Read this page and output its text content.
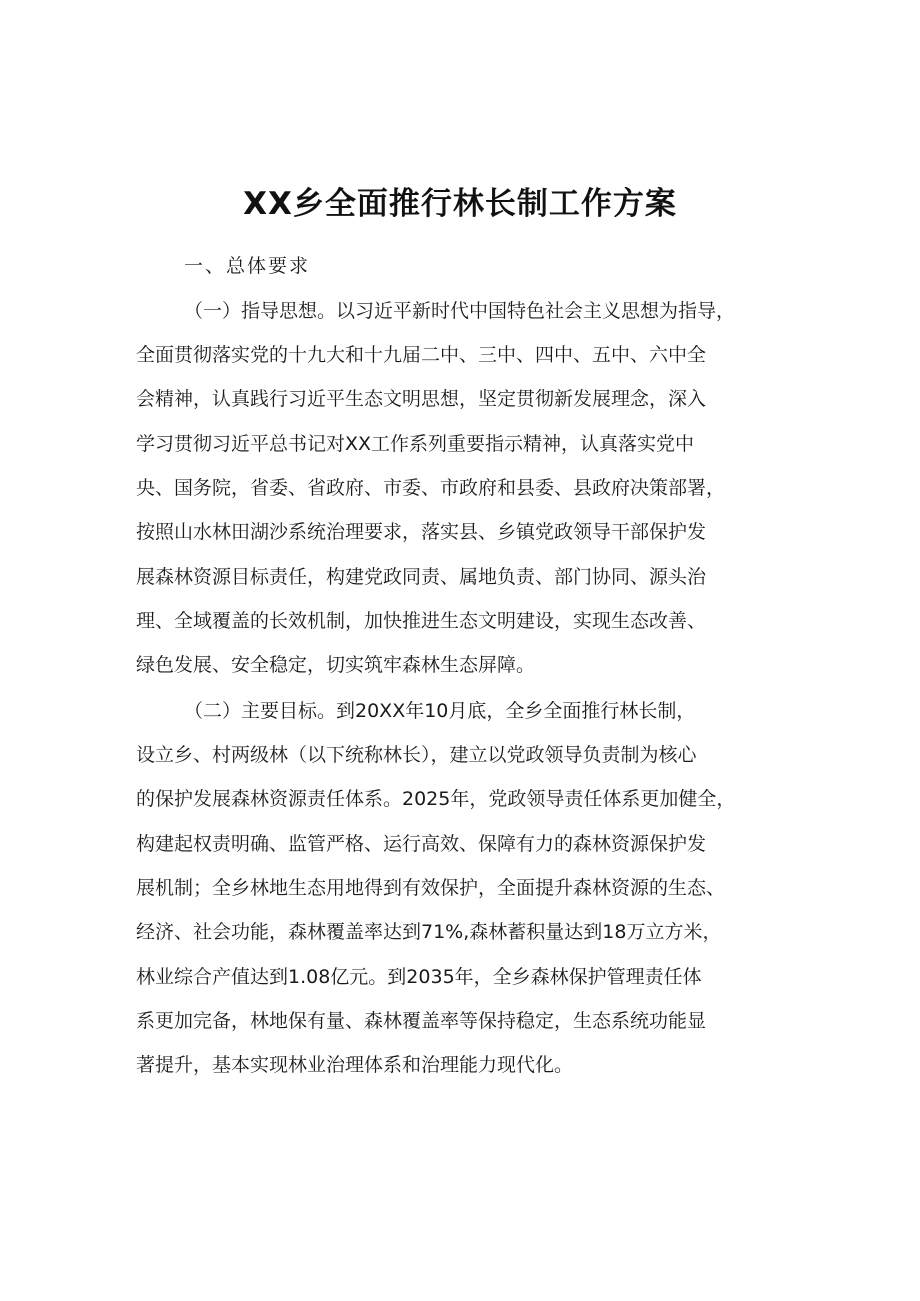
XX乡全面推行林长制工作方案

一、总体要求

（一）指导思想。以习近平新时代中国特色社会主义思想为指导，

全面贯彻落实党的十九大和十九届二中、三中、四中、五中、六中全

会精神，认真践行习近平生态文明思想，坚定贯彻新发展理念，深入

学习贯彻习近平总书记对XX工作系列重要指示精神，认真落实党中

央、国务院，省委、省政府、市委、市政府和县委、县政府决策部署，

按照山水林田湖沙系统治理要求，落实县、乡镇党政领导干部保护发

展森林资源目标责任，构建党政同责、属地负责、部门协同、源头治

理、全域覆盖的长效机制，加快推进生态文明建设，实现生态改善、

绿色发展、安全稳定，切实筑牢森林生态屏障。

（二）主要目标。到20XX年10月底，全乡全面推行林长制，

设立乡、村两级林（以下统称林长），建立以党政领导负责制为核心

的保护发展森林资源责任体系。2025年，党政领导责任体系更加健全，

构建起权责明确、监管严格、运行高效、保障有力的森林资源保护发

展机制；全乡林地生态用地得到有效保护，全面提升森林资源的生态、

经济、社会功能，森林覆盖率达到71%,森林蓄积量达到18万立方米，

林业综合产值达到1.08亿元。到2035年，全乡森林保护管理责任体

系更加完备，林地保有量、森林覆盖率等保持稳定，生态系统功能显

著提升，基本实现林业治理体系和治理能力现代化。
